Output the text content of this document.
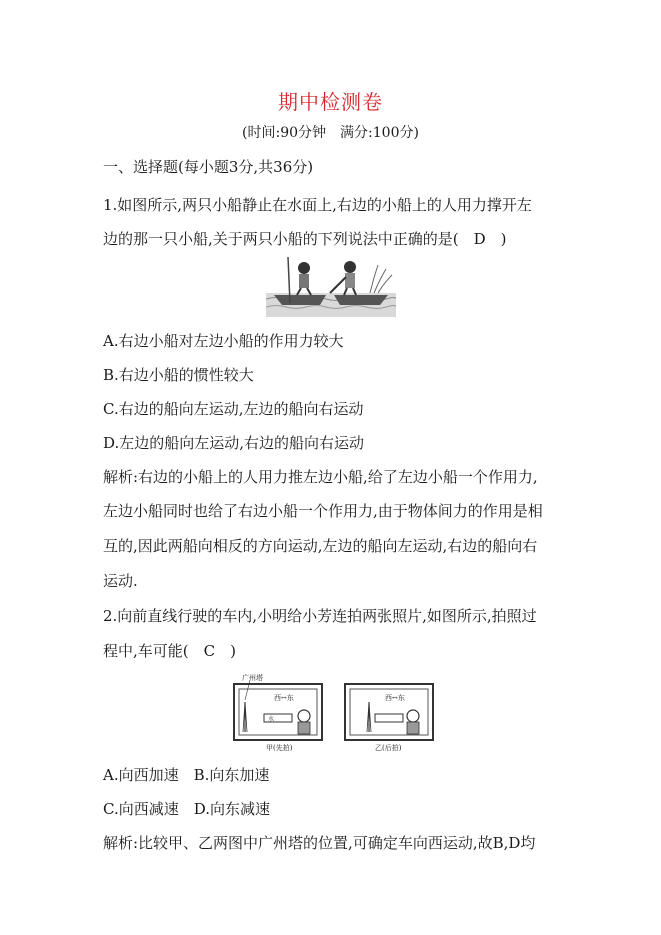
期中检测卷
(时间:90分钟　满分:100分)
一、选择题(每小题3分,共36分)
1.如图所示,两只小船静止在水面上,右边的小船上的人用力撑开左
边的那一只小船,关于两只小船的下列说法中正确的是(　D　)
A.右边小船对左边小船的作用力较大
B.右边小船的惯性较大
C.右边的船向左运动,左边的船向右运动
D.左边的船向左运动,右边的船向右运动
解析:右边的小船上的人用力推左边小船,给了左边小船一个作用力,
左边小船同时也给了右边小船一个作用力,由于物体间力的作用是相
互的,因此两船向相反的方向运动,左边的船向左运动,右边的船向右
运动.
2.向前直线行驶的车内,小明给小芳连拍两张照片,如图所示,拍照过
程中,车可能(　C　)
广州塔
西↔东
水
甲(先拍)
西↔东
乙(后拍)
A.向西加速　B.向东加速
C.向西减速　D.向东减速
解析:比较甲、乙两图中广州塔的位置,可确定车向西运动,故B,D均
